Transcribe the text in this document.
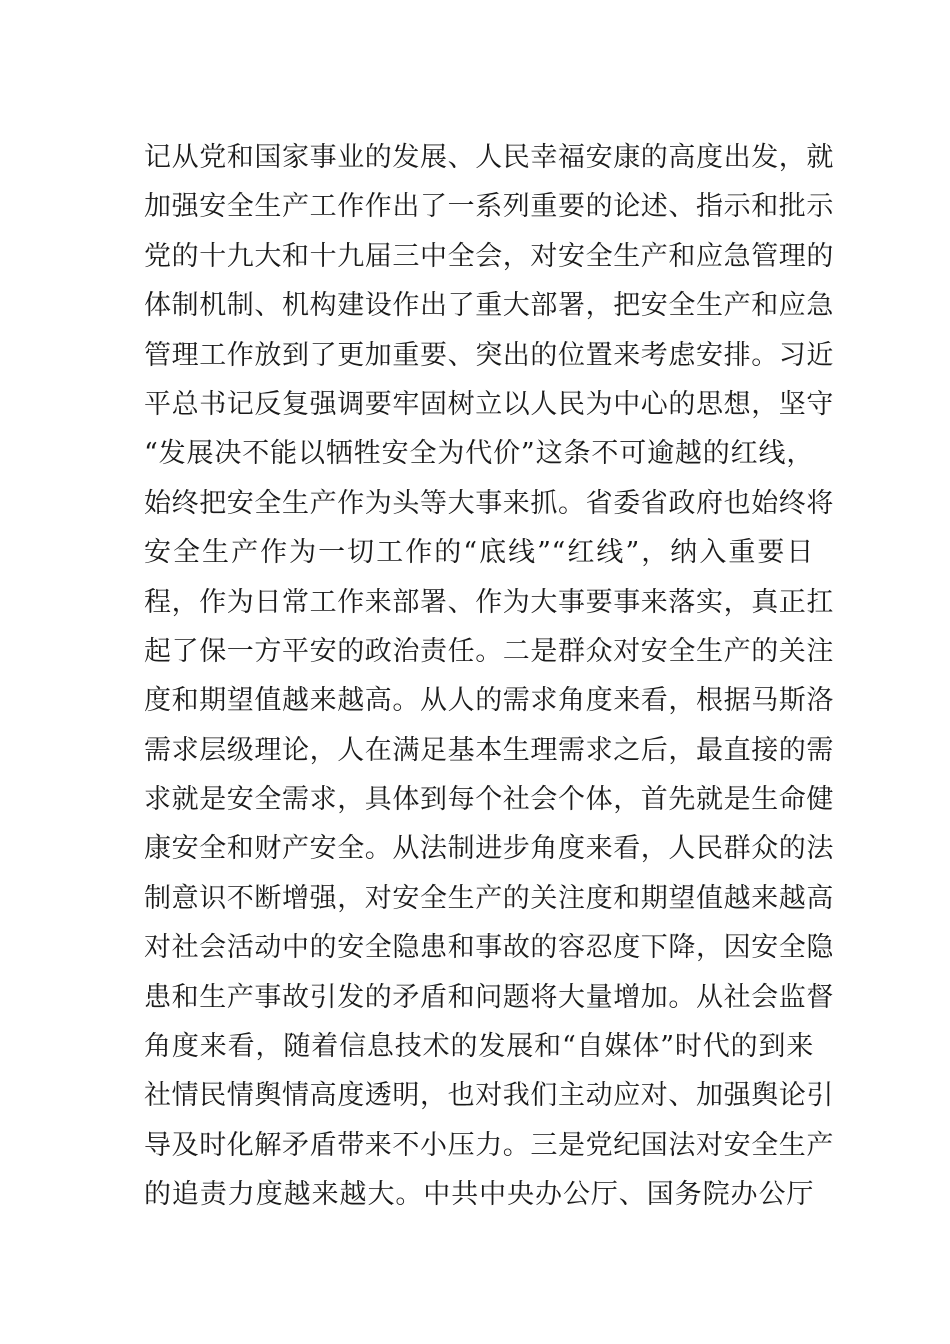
记从党和国家事业的发展、人民幸福安康的高度出发，就
加强安全生产工作作出了一系列重要的论述、指示和批示
党的十九大和十九届三中全会，对安全生产和应急管理的
体制机制、机构建设作出了重大部署，把安全生产和应急
管理工作放到了更加重要、突出的位置来考虑安排。习近
平总书记反复强调要牢固树立以人民为中心的思想，坚守
“发展决不能以牺牲安全为代价”这条不可逾越的红线，
始终把安全生产作为头等大事来抓。省委省政府也始终将
安全生产作为一切工作的“底线”“红线”，纳入重要日
程，作为日常工作来部署、作为大事要事来落实，真正扛
起了保一方平安的政治责任。二是群众对安全生产的关注
度和期望值越来越高。从人的需求角度来看，根据马斯洛
需求层级理论，人在满足基本生理需求之后，最直接的需
求就是安全需求，具体到每个社会个体，首先就是生命健
康安全和财产安全。从法制进步角度来看，人民群众的法
制意识不断增强，对安全生产的关注度和期望值越来越高
对社会活动中的安全隐患和事故的容忍度下降，因安全隐
患和生产事故引发的矛盾和问题将大量增加。从社会监督
角度来看，随着信息技术的发展和“自媒体”时代的到来
社情民情舆情高度透明，也对我们主动应对、加强舆论引
导及时化解矛盾带来不小压力。三是党纪国法对安全生产
的追责力度越来越大。中共中央办公厅、国务院办公厅
